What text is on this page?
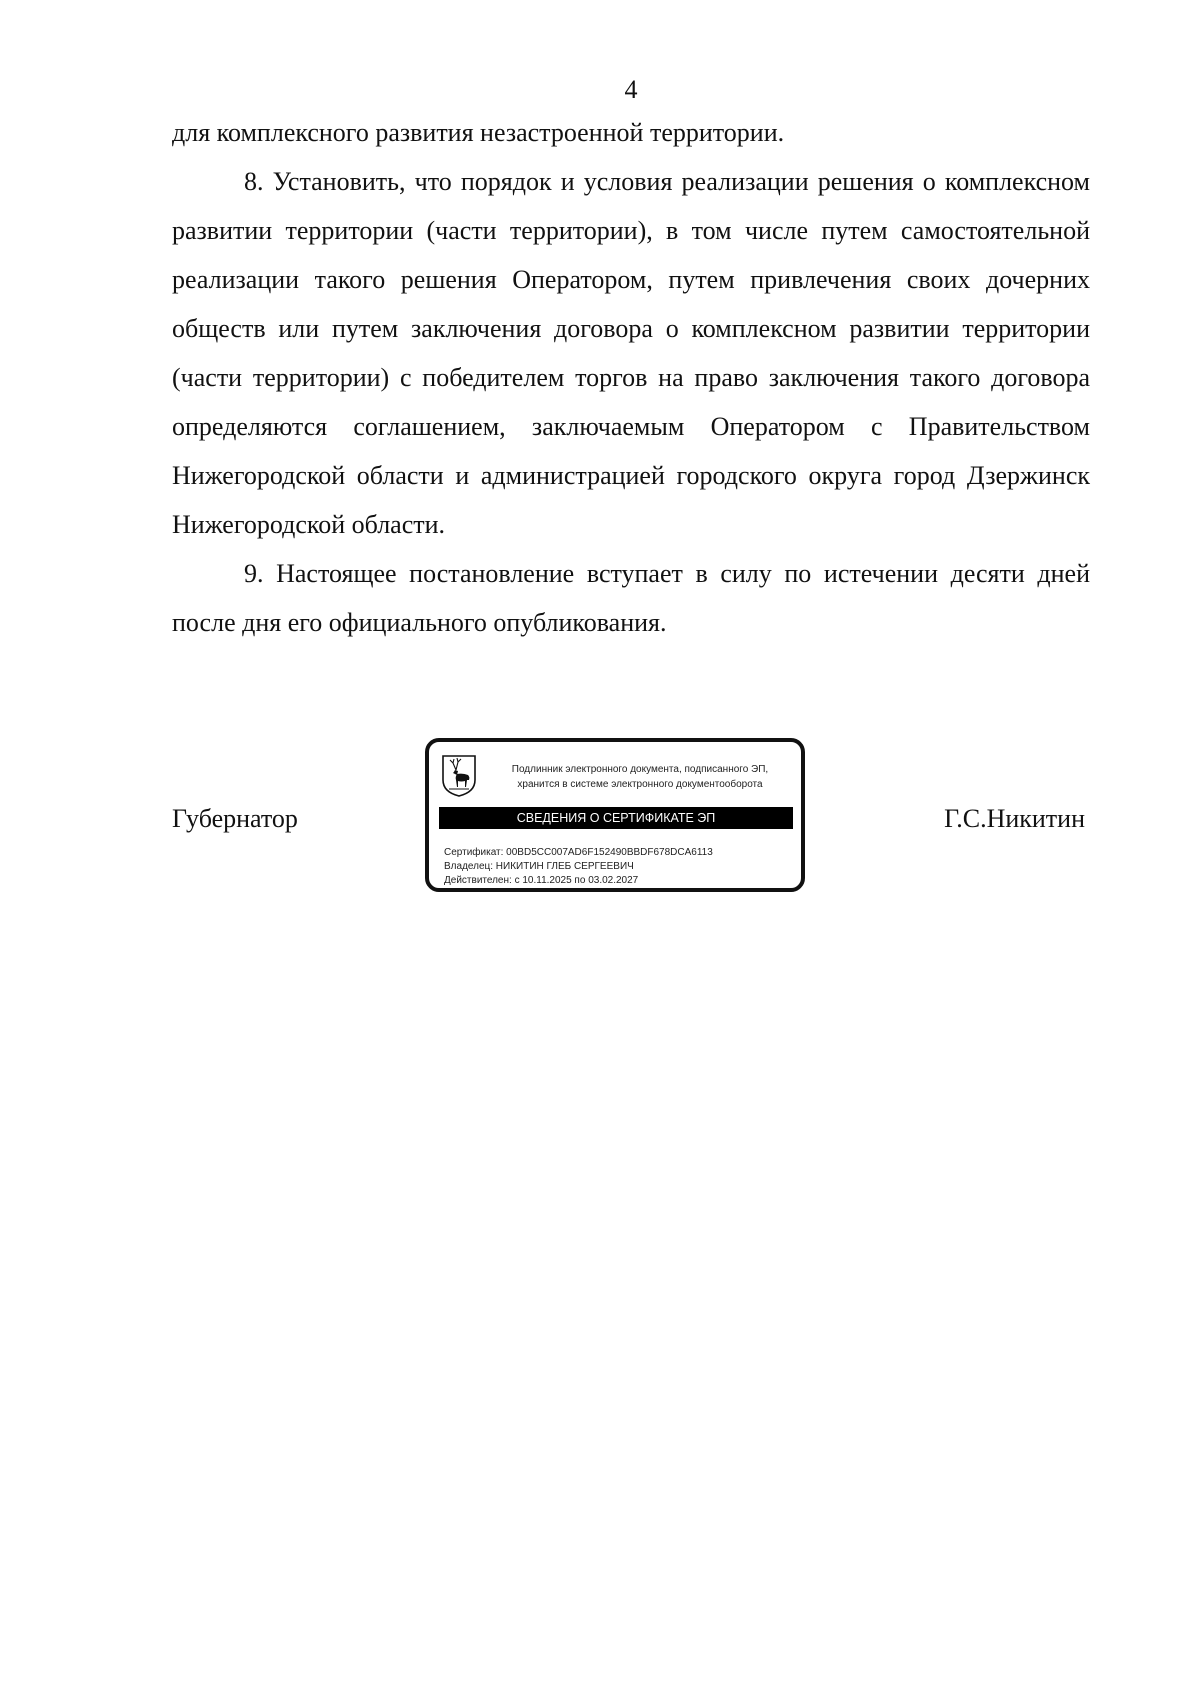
4

для комплексного развития незастроенной территории.

8. Установить, что порядок и условия реализации решения о комплексном развитии территории (части территории), в том числе путем самостоятельной реализации такого решения Оператором, путем привлечения своих дочерних обществ или путем заключения договора о комплексном развитии территории (части территории) с победителем торгов на право заключения такого договора определяются соглашением, заключаемым Оператором с Правительством Нижегородской области и администрацией городского округа город Дзержинск Нижегородской области.

9. Настоящее постановление вступает в силу по истечении десяти дней после дня его официального опубликования.

Губернатор
Подлинник электронного документа, подписанного ЭП,
хранится в системе электронного документооборота
СВЕДЕНИЯ О СЕРТИФИКАТЕ ЭП
Сертификат: 00BD5CC007AD6F152490BBDF678DCA6113
Владелец: НИКИТИН ГЛЕБ СЕРГЕЕВИЧ
Действителен: с 10.11.2025 по 03.02.2027
Г.С.Никитин
